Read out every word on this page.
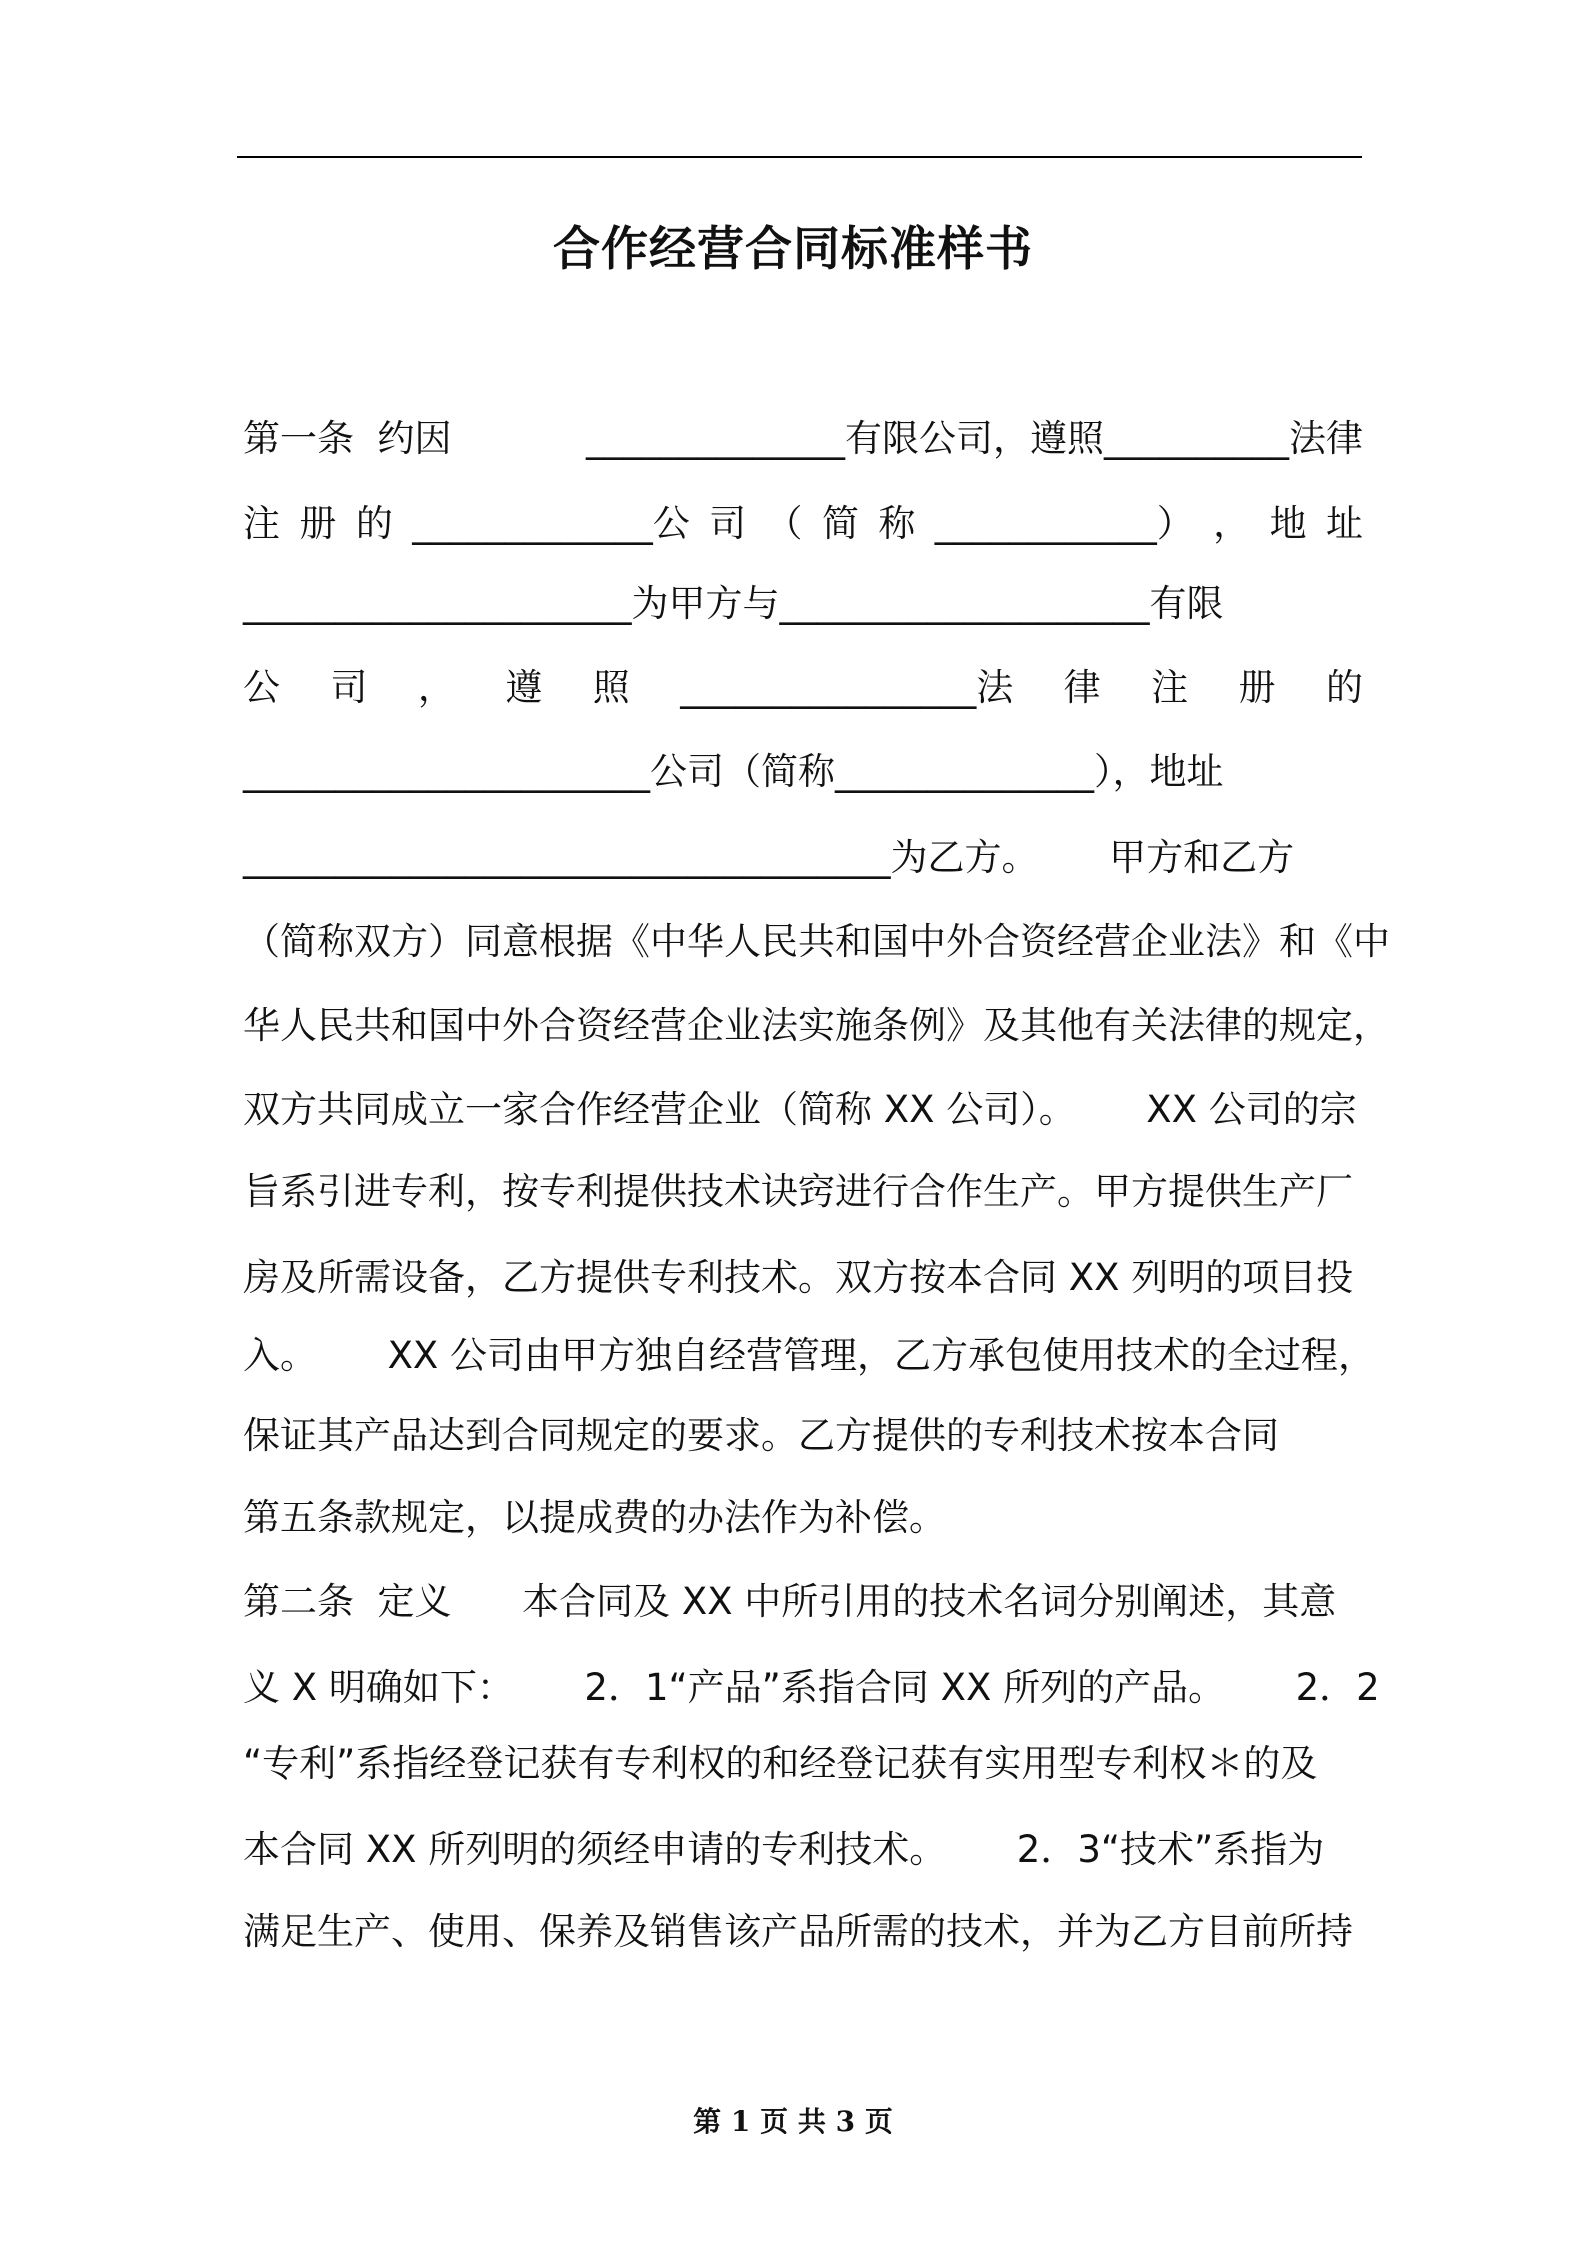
合作经营合同标准样书
第一条  约因	______________有限公司，遵照__________法律
注 册 的 _____________公 司 （ 简 称 ____________） ， 地 址
_____________________为甲方与____________________有限
公 司 ， 遵 照 ________________法 律 注 册 的
______________________公司（简称______________），地址
___________________________________为乙方。      甲方和乙方
（简称双方）同意根据《中华人民共和国中外合资经营企业法》和《中
华人民共和国中外合资经营企业法实施条例》及其他有关法律的规定，
双方共同成立一家合作经营企业（简称 XX 公司）。      XX 公司的宗
旨系引进专利，按专利提供技术诀窍进行合作生产。甲方提供生产厂
房及所需设备，乙方提供专利技术。双方按本合同 XX 列明的项目投
入。      XX 公司由甲方独自经营管理，乙方承包使用技术的全过程，
保证其产品达到合同规定的要求。乙方提供的专利技术按本合同
第五条款规定，以提成费的办法作为补偿。
第二条  定义      本合同及 XX 中所引用的技术名词分别阐述，其意
义 X 明确如下：      2．1“产品”系指合同 XX 所列的产品。      2．2
“专利”系指经登记获有专利权的和经登记获有实用型专利权＊的及
本合同 XX 所列明的须经申请的专利技术。      2．3“技术”系指为
满足生产、使用、保养及销售该产品所需的技术，并为乙方目前所持
第 1 页 共 3 页
